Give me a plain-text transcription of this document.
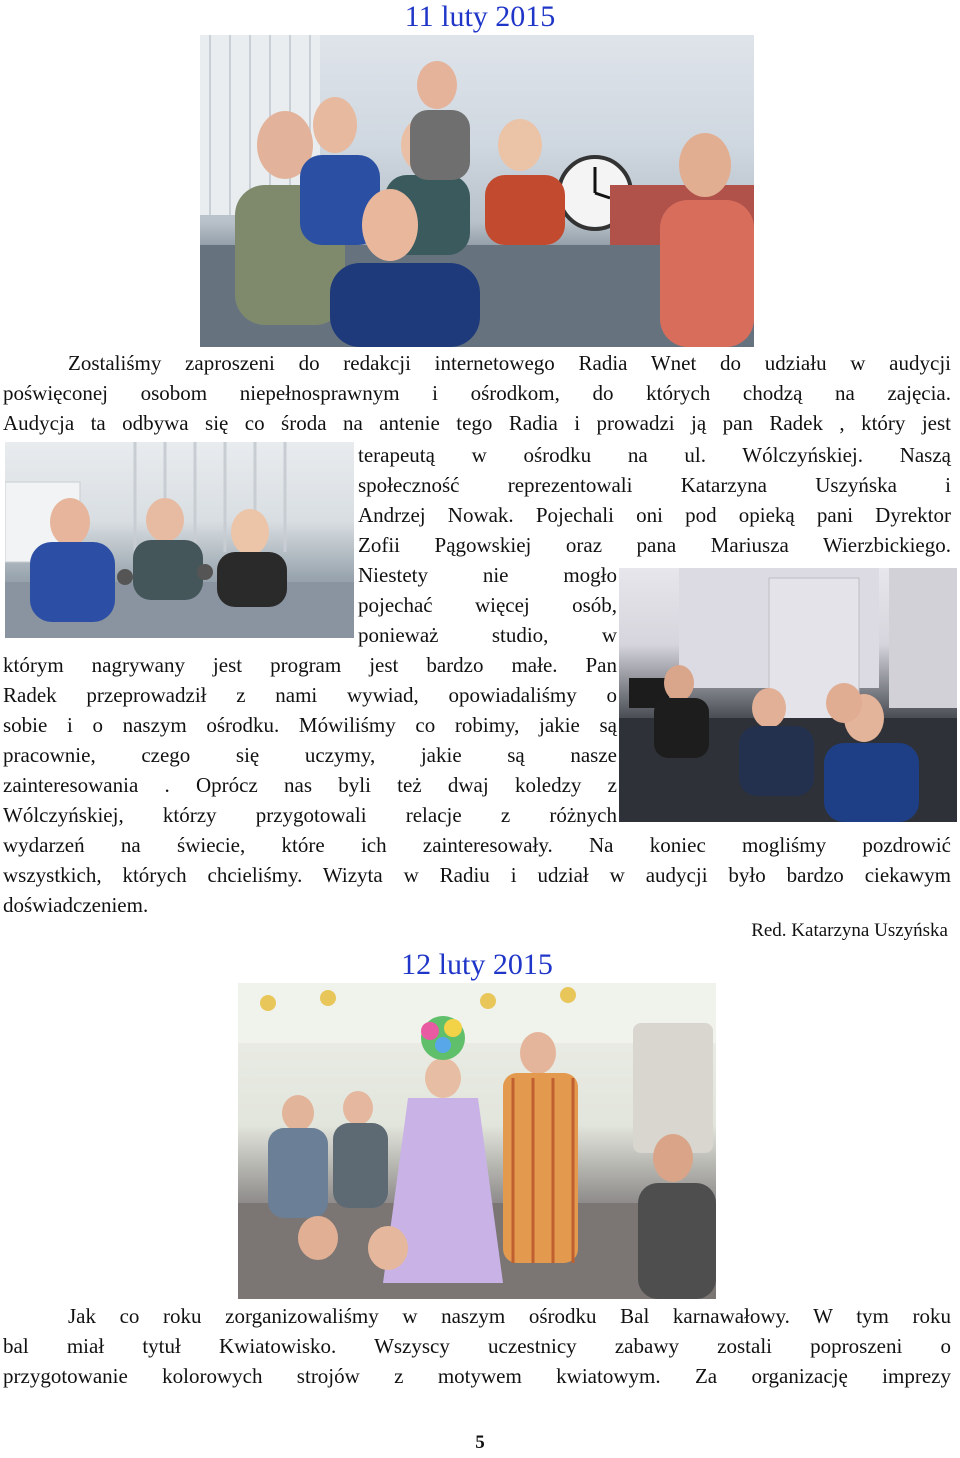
11 luty 2015
Zostaliśmy zaproszeni do redakcji internetowego Radia Wnet do udziału w audycji
poświęconej osobom niepełnosprawnym i ośrodkom, do których chodzą na zajęcia.
Audycja ta odbywa się co środa na antenie tego Radia i prowadzi ją pan Radek , który jest
terapeutą w ośrodku na ul. Wólczyńskiej. Naszą
społeczność reprezentowali Katarzyna Uszyńska i
Andrzej Nowak. Pojechali oni pod opieką pani Dyrektor
Zofii Pągowskiej oraz pana Mariusza Wierzbickiego.
Niestety nie mogło
pojechać więcej osób,
ponieważ studio, w
którym nagrywany jest program jest bardzo małe. Pan
Radek przeprowadził z nami wywiad, opowiadaliśmy o
sobie i o naszym ośrodku. Mówiliśmy co robimy, jakie są
pracownie, czego się uczymy, jakie są nasze
zainteresowania . Oprócz nas byli też dwaj koledzy z
Wólczyńskiej, którzy przygotowali relacje z różnych
wydarzeń na świecie, które ich zainteresowały. Na koniec mogliśmy pozdrowić
wszystkich, których chcieliśmy. Wizyta w Radiu i udział w audycji było bardzo ciekawym
doświadczeniem.
Red. Katarzyna Uszyńska
12 luty 2015
Jak co roku zorganizowaliśmy w naszym ośrodku Bal karnawałowy. W tym roku
bal miał tytuł Kwiatowisko. Wszyscy uczestnicy zabawy zostali poproszeni o
przygotowanie kolorowych strojów z motywem kwiatowym. Za organizację imprezy
5
